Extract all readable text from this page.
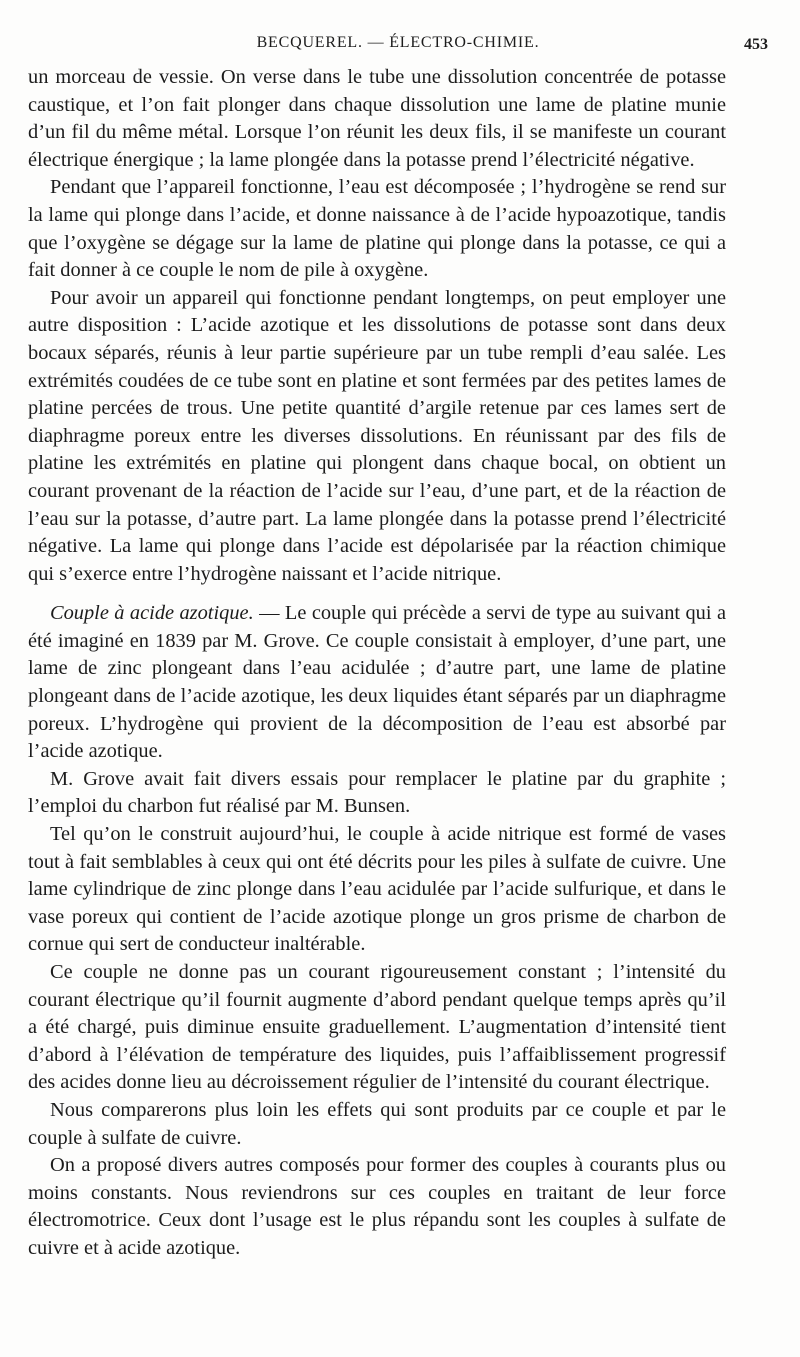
BECQUEREL. — ÉLECTRO-CHIMIE.	453

un morceau de vessie. On verse dans le tube une dissolution concentrée de potasse caustique, et l’on fait plonger dans chaque dissolution une lame de platine munie d’un fil du même métal. Lorsque l’on réunit les deux fils, il se manifeste un courant électrique énergique ; la lame plongée dans la potasse prend l’électricité négative.

Pendant que l’appareil fonctionne, l’eau est décomposée ; l’hydrogène se rend sur la lame qui plonge dans l’acide, et donne naissance à de l’acide hypoazotique, tandis que l’oxygène se dégage sur la lame de platine qui plonge dans la potasse, ce qui a fait donner à ce couple le nom de pile à oxygène.

Pour avoir un appareil qui fonctionne pendant longtemps, on peut employer une autre disposition : L’acide azotique et les dissolutions de potasse sont dans deux bocaux séparés, réunis à leur partie supérieure par un tube rempli d’eau salée. Les extrémités coudées de ce tube sont en platine et sont fermées par des petites lames de platine percées de trous. Une petite quantité d’argile retenue par ces lames sert de diaphragme poreux entre les diverses dissolutions. En réunissant par des fils de platine les extrémités en platine qui plongent dans chaque bocal, on obtient un courant provenant de la réaction de l’acide sur l’eau, d’une part, et de la réaction de l’eau sur la potasse, d’autre part. La lame plongée dans la potasse prend l’électricité négative. La lame qui plonge dans l’acide est dépolarisée par la réaction chimique qui s’exerce entre l’hydrogène naissant et l’acide nitrique.

Couple à acide azotique. — Le couple qui précède a servi de type au suivant qui a été imaginé en 1839 par M. Grove. Ce couple consistait à employer, d’une part, une lame de zinc plongeant dans l’eau acidulée ; d’autre part, une lame de platine plongeant dans de l’acide azotique, les deux liquides étant séparés par un diaphragme poreux. L’hydrogène qui provient de la décomposition de l’eau est absorbé par l’acide azotique.

M. Grove avait fait divers essais pour remplacer le platine par du graphite ; l’emploi du charbon fut réalisé par M. Bunsen.

Tel qu’on le construit aujourd’hui, le couple à acide nitrique est formé de vases tout à fait semblables à ceux qui ont été décrits pour les piles à sulfate de cuivre. Une lame cylindrique de zinc plonge dans l’eau acidulée par l’acide sulfurique, et dans le vase poreux qui contient de l’acide azotique plonge un gros prisme de charbon de cornue qui sert de conducteur inaltérable.

Ce couple ne donne pas un courant rigoureusement constant ; l’intensité du courant électrique qu’il fournit augmente d’abord pendant quelque temps après qu’il a été chargé, puis diminue ensuite graduellement. L’augmentation d’intensité tient d’abord à l’élévation de température des liquides, puis l’affaiblissement progressif des acides donne lieu au décroissement régulier de l’intensité du courant électrique.

Nous comparerons plus loin les effets qui sont produits par ce couple et par le couple à sulfate de cuivre.

On a proposé divers autres composés pour former des couples à courants plus ou moins constants. Nous reviendrons sur ces couples en traitant de leur force électromotrice. Ceux dont l’usage est le plus répandu sont les couples à sulfate de cuivre et à acide azotique.
